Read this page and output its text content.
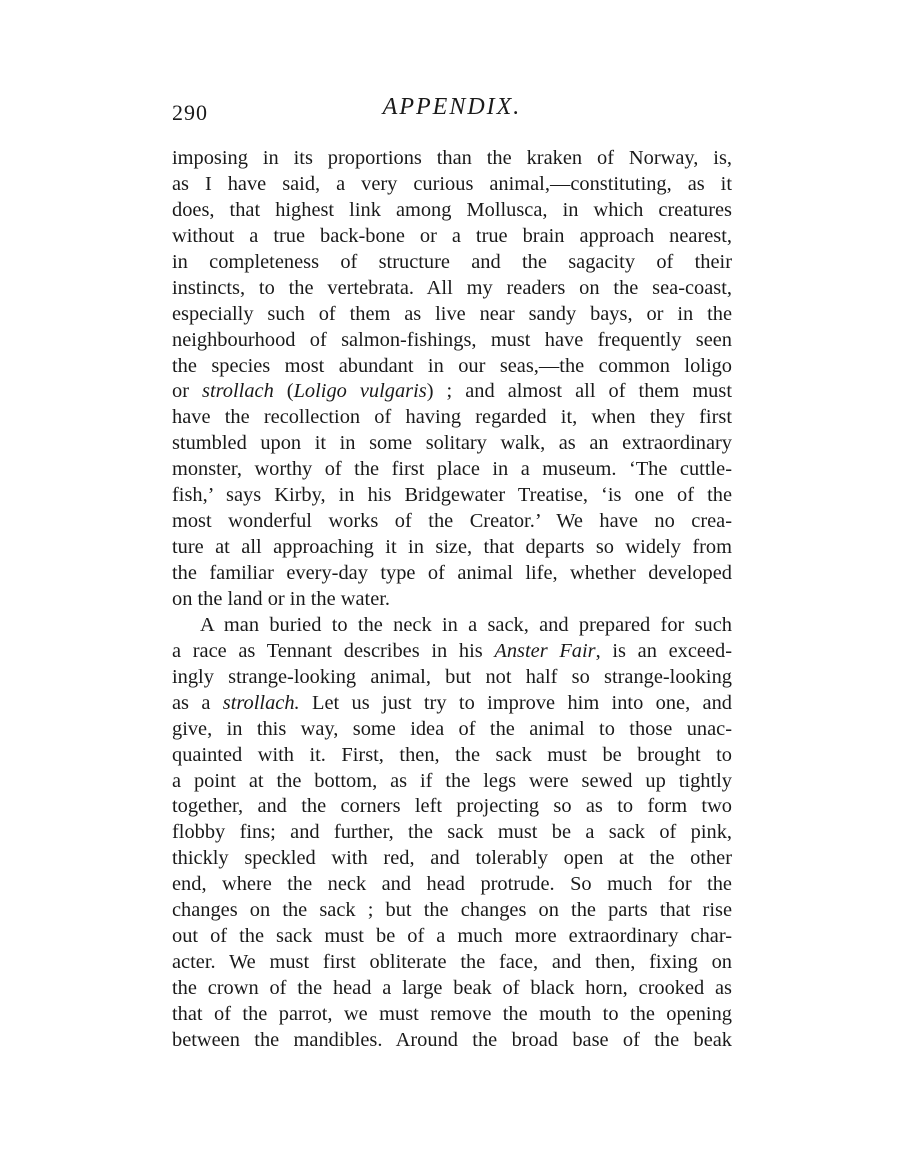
290	APPENDIX.
imposing in its proportions than the kraken of Norway, is,
as I have said, a very curious animal,—constituting, as it
does, that highest link among Mollusca, in which creatures
without a true back-bone or a true brain approach nearest,
in completeness of structure and the sagacity of their
instincts, to the vertebrata. All my readers on the sea-coast,
especially such of them as live near sandy bays, or in the
neighbourhood of salmon-fishings, must have frequently seen
the species most abundant in our seas,—the common loligo
or strollach (Loligo vulgaris) ; and almost all of them must
have the recollection of having regarded it, when they first
stumbled upon it in some solitary walk, as an extraordinary
monster, worthy of the first place in a museum. ‘The cuttle-
fish,’ says Kirby, in his Bridgewater Treatise, ‘is one of the
most wonderful works of the Creator.’ We have no crea-
ture at all approaching it in size, that departs so widely from
the familiar every-day type of animal life, whether developed
on the land or in the water.
A man buried to the neck in a sack, and prepared for such
a race as Tennant describes in his Anster Fair, is an exceed-
ingly strange-looking animal, but not half so strange-looking
as a strollach. Let us just try to improve him into one, and
give, in this way, some idea of the animal to those unac-
quainted with it. First, then, the sack must be brought to
a point at the bottom, as if the legs were sewed up tightly
together, and the corners left projecting so as to form two
flobby fins; and further, the sack must be a sack of pink,
thickly speckled with red, and tolerably open at the other
end, where the neck and head protrude. So much for the
changes on the sack ; but the changes on the parts that rise
out of the sack must be of a much more extraordinary char-
acter. We must first obliterate the face, and then, fixing on
the crown of the head a large beak of black horn, crooked as
that of the parrot, we must remove the mouth to the opening
between the mandibles. Around the broad base of the beak
